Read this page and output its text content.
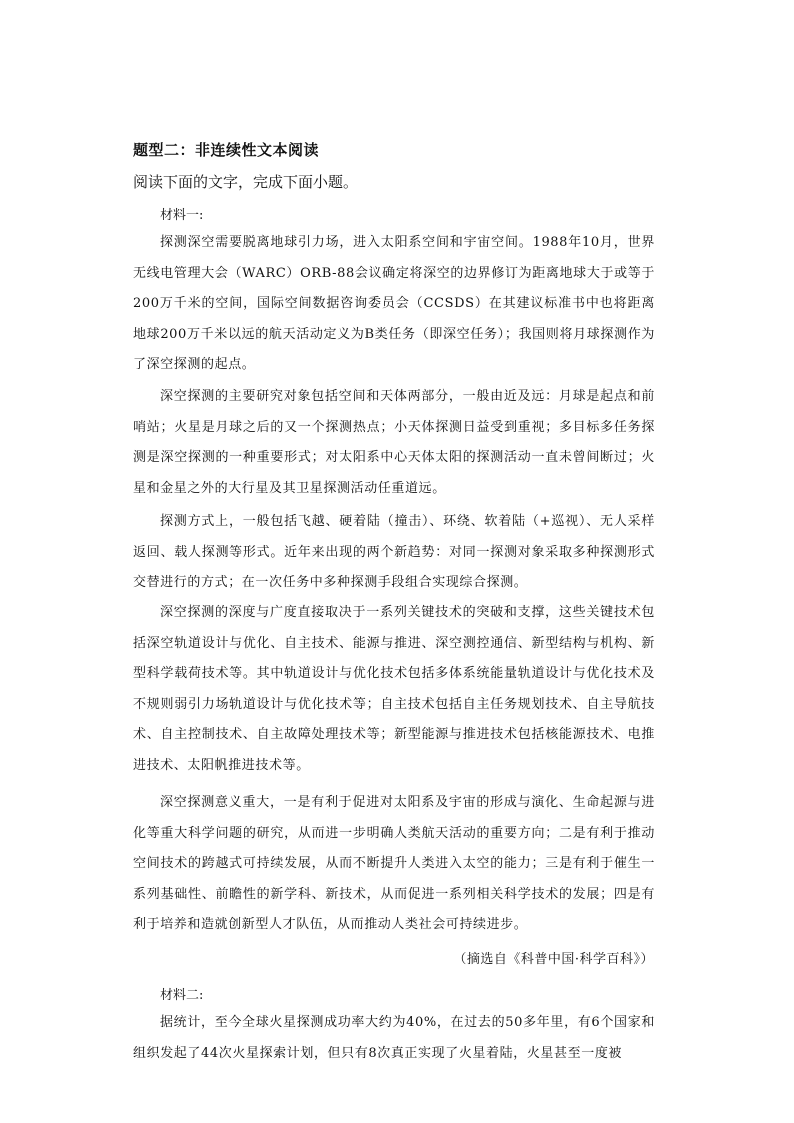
题型二：非连续性文本阅读
阅读下面的文字，完成下面小题。
材料一:
探测深空需要脱离地球引力场，进入太阳系空间和宇宙空间。1988年10月，世界无线电管理大会（WARC）ORB-88会议确定将深空的边界修订为距离地球大于或等于200万千米的空间，国际空间数据咨询委员会（CCSDS）在其建议标准书中也将距离地球200万千米以远的航天活动定义为B类任务（即深空任务）；我国则将月球探测作为了深空探测的起点。
深空探测的主要研究对象包括空间和天体两部分，一般由近及远：月球是起点和前哨站；火星是月球之后的又一个探测热点；小天体探测日益受到重视；多目标多任务探测是深空探测的一种重要形式；对太阳系中心天体太阳的探测活动一直未曾间断过；火星和金星之外的大行星及其卫星探测活动任重道远。
探测方式上，一般包括飞越、硬着陆（撞击）、环绕、软着陆（+巡视）、无人采样返回、载人探测等形式。近年来出现的两个新趋势：对同一探测对象采取多种探测形式交替进行的方式；在一次任务中多种探测手段组合实现综合探测。
深空探测的深度与广度直接取决于一系列关键技术的突破和支撑，这些关键技术包括深空轨道设计与优化、自主技术、能源与推进、深空测控通信、新型结构与机构、新型科学载荷技术等。其中轨道设计与优化技术包括多体系统能量轨道设计与优化技术及不规则弱引力场轨道设计与优化技术等；自主技术包括自主任务规划技术、自主导航技术、自主控制技术、自主故障处理技术等；新型能源与推进技术包括核能源技术、电推进技术、太阳帆推进技术等。
深空探测意义重大，一是有利于促进对太阳系及宇宙的形成与演化、生命起源与进化等重大科学问题的研究，从而进一步明确人类航天活动的重要方向；二是有利于推动空间技术的跨越式可持续发展，从而不断提升人类进入太空的能力；三是有利于催生一系列基础性、前瞻性的新学科、新技术，从而促进一系列相关科学技术的发展；四是有利于培养和造就创新型人才队伍，从而推动人类社会可持续进步。
（摘选自《科普中国·科学百科》）
材料二:
据统计，至今全球火星探测成功率大约为40%，在过去的50多年里，有6个国家和组织发起了44次火星探索计划，但只有8次真正实现了火星着陆，火星甚至一度被
